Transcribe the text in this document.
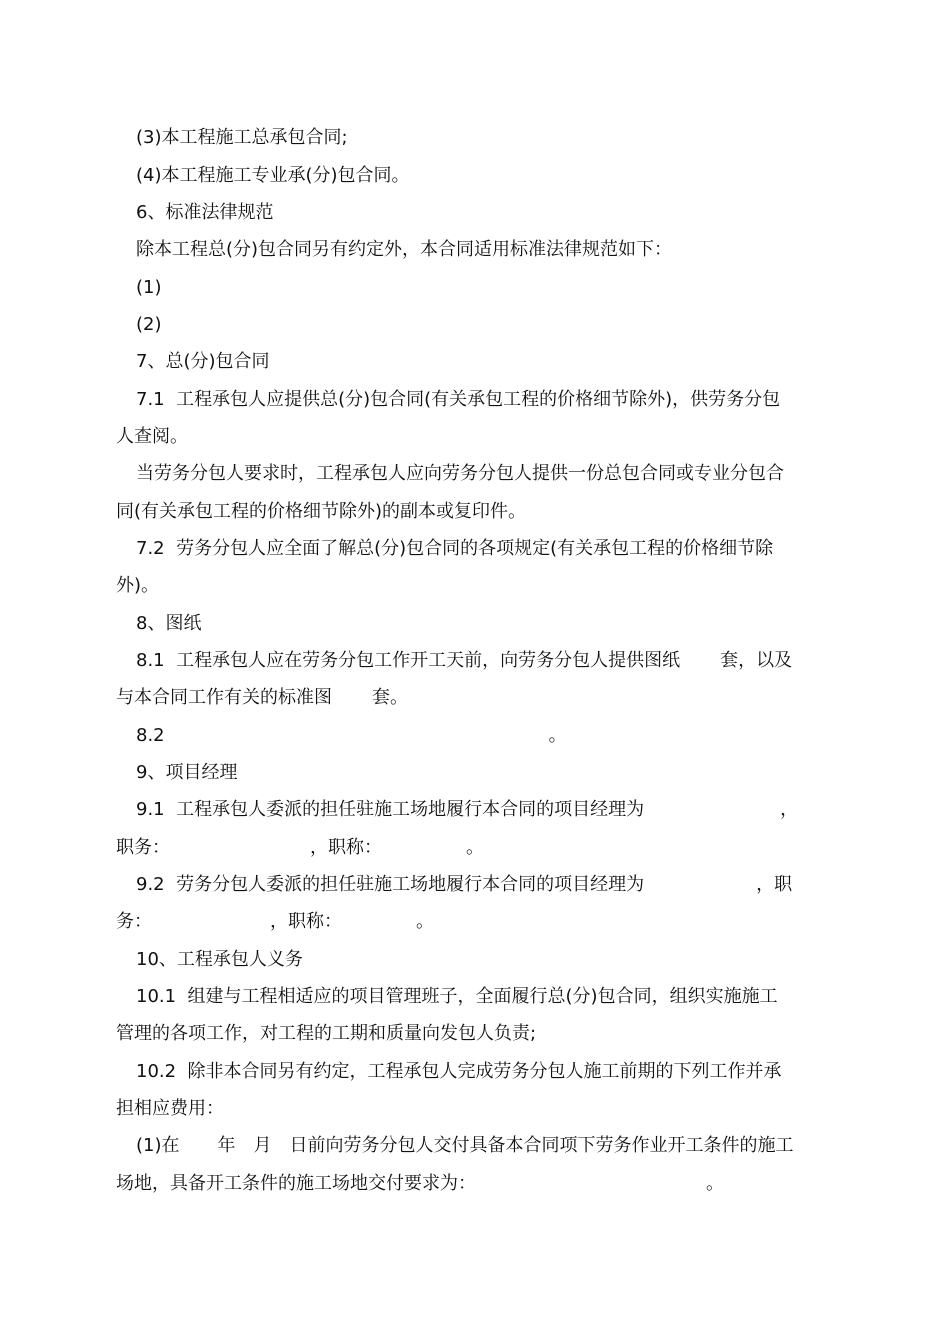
(3)本工程施工总承包合同;
(4)本工程施工专业承(分)包合同。
6、标准法律规范
除本工程总(分)包合同另有约定外，本合同适用标准法律规范如下：
(1)
(2)
7、总(分)包合同
7.1  工程承包人应提供总(分)包合同(有关承包工程的价格细节除外)，供劳务分包
人查阅。
当劳务分包人要求时，工程承包人应向劳务分包人提供一份总包合同或专业分包合
同(有关承包工程的价格细节除外)的副本或复印件。
7.2  劳务分包人应全面了解总(分)包合同的各项规定(有关承包工程的价格细节除
外)。
8、图纸
8.1  工程承包人应在劳务分包工作开工天前，向劳务分包人提供图纸 套，以及
与本合同工作有关的标准图 套。
8.2	。
9、项目经理
9.1  工程承包人委派的担任驻施工场地履行本合同的项目经理为	，
职务：	，职称：	。
9.2  劳务分包人委派的担任驻施工场地履行本合同的项目经理为	，职
务：	，职称：	。
10、工程承包人义务
10.1  组建与工程相适应的项目管理班子，全面履行总(分)包合同，组织实施施工
管理的各项工作，对工程的工期和质量向发包人负责;
10.2  除非本合同另有约定，工程承包人完成劳务分包人施工前期的下列工作并承
担相应费用：
(1)在 年 月 日前向劳务分包人交付具备本合同项下劳务作业开工条件的施工
场地，具备开工条件的施工场地交付要求为：	。
